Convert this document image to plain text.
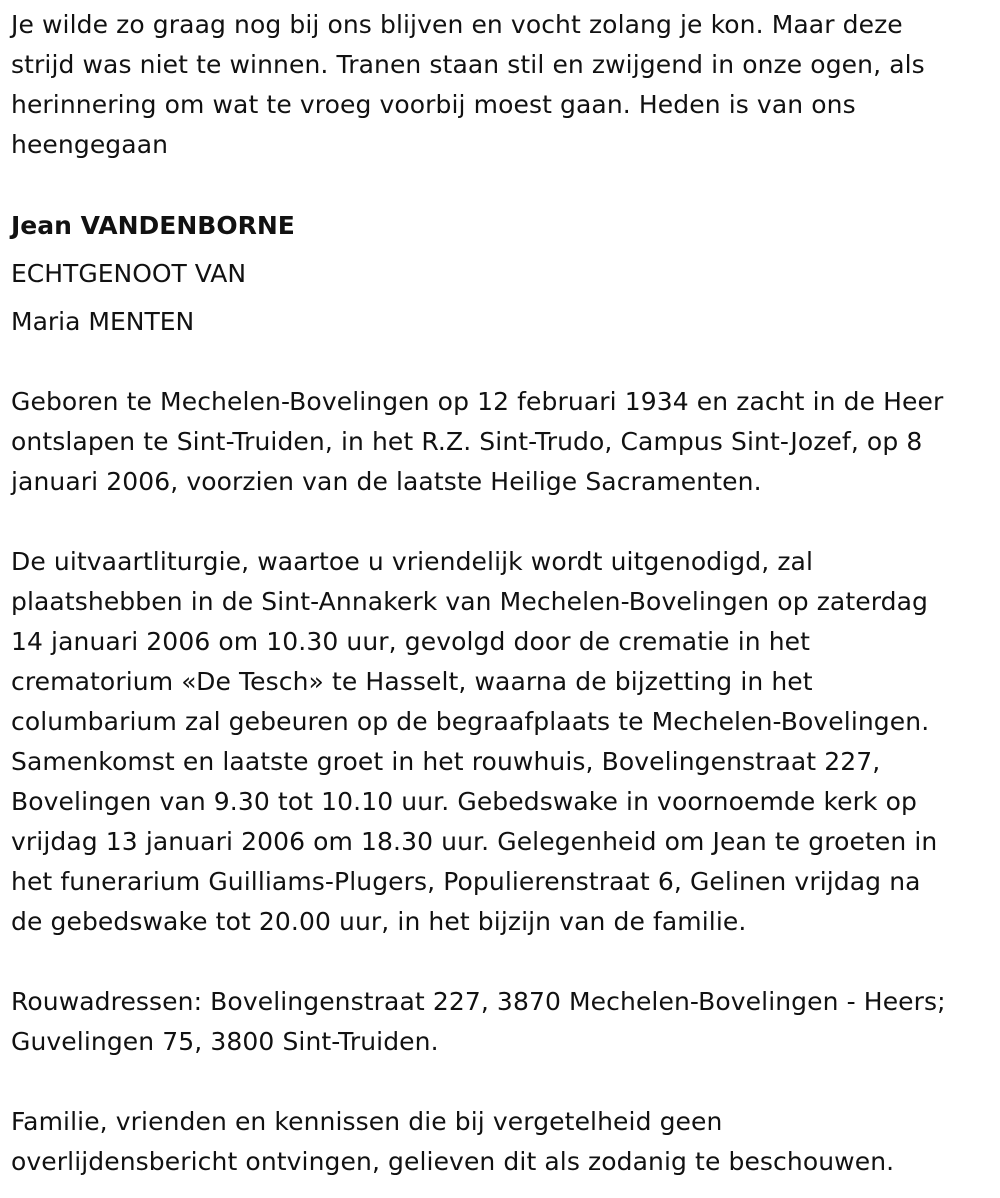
Je wilde zo graag nog bij ons blijven en vocht zolang je kon. Maar deze
strijd was niet te winnen. Tranen staan stil en zwijgend in onze ogen, als
herinnering om wat te vroeg voorbij moest gaan. Heden is van ons
heengegaan

Jean VANDENBORNE
ECHTGENOOT VAN
Maria MENTEN

Geboren te Mechelen-Bovelingen op 12 februari 1934 en zacht in de Heer
ontslapen te Sint-Truiden, in het R.Z. Sint-Trudo, Campus Sint-Jozef, op 8
januari 2006, voorzien van de laatste Heilige Sacramenten.

De uitvaartliturgie, waartoe u vriendelijk wordt uitgenodigd, zal
plaatshebben in de Sint-Annakerk van Mechelen-Bovelingen op zaterdag
14 januari 2006 om 10.30 uur, gevolgd door de crematie in het
crematorium «De Tesch» te Hasselt, waarna de bijzetting in het
columbarium zal gebeuren op de begraafplaats te Mechelen-Bovelingen.
Samenkomst en laatste groet in het rouwhuis, Bovelingenstraat 227,
Bovelingen van 9.30 tot 10.10 uur. Gebedswake in voornoemde kerk op
vrijdag 13 januari 2006 om 18.30 uur. Gelegenheid om Jean te groeten in
het funerarium Guilliams-Plugers, Populierenstraat 6, Gelinen vrijdag na
de gebedswake tot 20.00 uur, in het bijzijn van de familie.

Rouwadressen: Bovelingenstraat 227, 3870 Mechelen-Bovelingen - Heers;
Guvelingen 75, 3800 Sint-Truiden.

Familie, vrienden en kennissen die bij vergetelheid geen
overlijdensbericht ontvingen, gelieven dit als zodanig te beschouwen.
